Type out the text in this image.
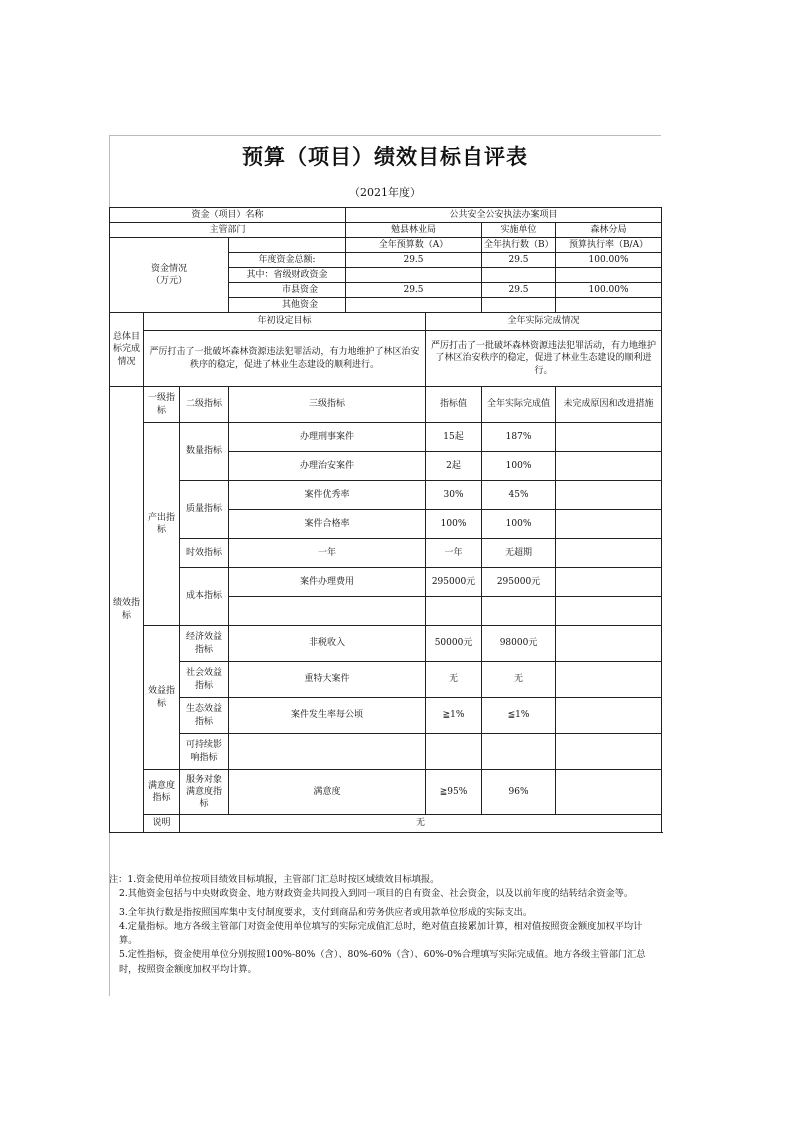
预算（项目）绩效目标自评表
（2021年度）
资金（项目）名称				公共安全公安执法办案项目			
主管部门				勉县林业局		实施单位	森林分局
资金情况
（万元）				全年预算数（A）		全年执行数（B）	预算执行率（B/A）
			年度资金总额:	29.5		29.5	100.00%
			其中：省级财政资金				
			市县资金	29.5		29.5	100.00%
			其他资金				
总体目标完成情况	年初设定目标				全年实际完成情况		
	严厉打击了一批破坏森林资源违法犯罪活动，有力地维护了林区治安秩序的稳定，促进了林业生态建设的顺利进行。				严厉打击了一批破坏森林资源违法犯罪活动，有力地维护了林区治安秩序的稳定，促进了林业生态建设的顺利进行。		
绩效指标	一级指标	二级指标	三级指标		指标值	全年实际完成值	未完成原因和改进措施
	产出指标	数量指标	办理刑事案件		15起	187%	
			办理治安案件		2起	100%	
		质量指标	案件优秀率		30%	45%	
			案件合格率		100%	100%	
		时效指标	一年		一年	无超期	
		成本指标	案件办理费用		295000元	295000元	

	效益指标	经济效益指标	非税收入		50000元	98000元	
		社会效益指标	重特大案件		无	无	
		生态效益指标	案件发生率每公顷		≧1%	≦1%	
		可持续影响指标					
	满意度指标	服务对象满意度指标	满意度		≧95%	96%	
	说明	无					
注：1.资金使用单位按项目绩效目标填报，主管部门汇总时按区域绩效目标填报。
2.其他资金包括与中央财政资金、地方财政资金共同投入到同一项目的自有资金、社会资金，以及以前年度的结转结余资金等。
3.全年执行数是指按照国库集中支付制度要求，支付到商品和劳务供应者或用款单位形成的实际支出。
4.定量指标。地方各级主管部门对资金使用单位填写的实际完成值汇总时，绝对值直接累加计算，相对值按照资金额度加权平均计算。
5.定性指标，资金使用单位分别按照100%-80%（含）、80%-60%（含）、60%-0%合理填写实际完成值。地方各级主管部门汇总时，按照资金额度加权平均计算。
